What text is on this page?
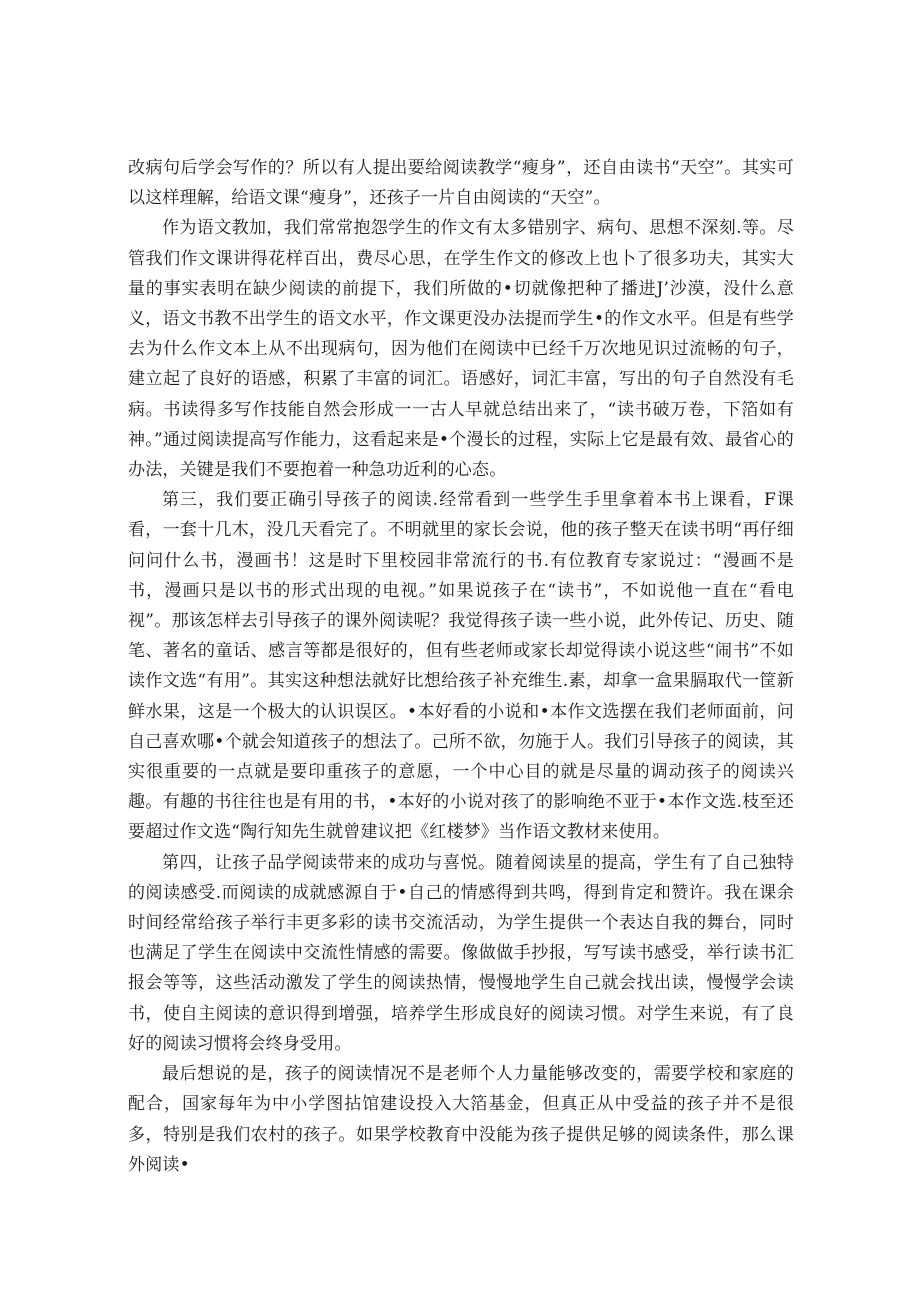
改病句后学会写作的？所以有人提出要给阅读教学“瘦身”，还自由读书“天空”。其实可以这样理解，给语文课“瘦身”，还孩子一片自由阅读的“天空”。

作为语文教加，我们常常抱怨学生的作文有太多错别字、病句、思想不深刻.等。尽管我们作文课讲得花样百出，费尽心思，在学生作文的修改上也卜了很多功夫，其实大量的事实表明在缺少阅读的前提下，我们所做的•切就像把种了播进J’沙漠，没什么意义，语文书教不出学生的语文水平，作文课更没办法提而学生•的作文水平。但是有些学去为什么作文本上从不出现病句，因为他们在阅读中已经千万次地见识过流畅的句子，建立起了良好的语感，积累了丰富的词汇。语感好，词汇丰富，写出的句子自然没有毛病。书读得多写作技能自然会形成一一古人早就总结出来了，“读书破万卷，下箔如有神。”通过阅读提高写作能力，这看起来是•个漫长的过程，实际上它是最有效、最省心的办法，关键是我们不要抱着一种急功近利的心态。

第三，我们要正确引导孩子的阅读.经常看到一些学生手里拿着本书上课看，F课看，一套十几木，没几天看完了。不明就里的家长会说，他的孩子整天在读书明“再仔细问问什么书，漫画书！这是时下里校园非常流行的书.有位教育专家说过：“漫画不是书，漫画只是以书的形式出现的电视。”如果说孩子在“读书”，不如说他一直在“看电视”。那该怎样去引导孩子的课外阅读呢？我觉得孩子读一些小说，此外传记、历史、随笔、著名的童话、感言等都是很好的，但有些老师或家长却觉得读小说这些“闹书”不如读作文选“有用”。其实这种想法就好比想给孩子补充维生.素，却拿一盒果膈取代一筐新鲜水果，这是一个极大的认识误区。•本好看的小说和•本作文选摆在我们老师面前，问自己喜欢哪•个就会知道孩子的想法了。己所不欲，勿施于人。我们引导孩子的阅读，其实很重要的一点就是要印重孩子的意愿，一个中心目的就是尽量的调动孩子的阅读兴趣。有趣的书往往也是有用的书，•本好的小说对孩了的影响绝不亚于•本作文选.枝至还要超过作文选“陶行知先生就曾建议把《红楼梦》当作语文教材来使用。

第四，让孩子品学阅读带来的成功与喜悦。随着阅读星的提高，学生有了自己独特的阅读感受.而阅读的成就感源自于•自己的情感得到共鸣，得到肯定和赞许。我在课余时间经常给孩子举行丰更多彩的读书交流活动，为学生提供一个表达自我的舞台，同时也满足了学生在阅读中交流性情感的需要。像做做手抄报，写写读书感受，举行读书汇报会等等，这些活动激发了学生的阅读热情，慢慢地学生自己就会找出读，慢慢学会读书，使自主阅读的意识得到增强，培养学生形成良好的阅读习惯。对学生来说，有了良好的阅读习惯将会终身受用。

最后想说的是，孩子的阅读情况不是老师个人力量能够改变的，需要学校和家庭的配合，国家每年为中小学图拈馆建设投入大箔基金，但真正从中受益的孩子并不是很多，特别是我们农村的孩子。如果学校教育中没能为孩子提供足够的阅读条件，那么课外阅读•
